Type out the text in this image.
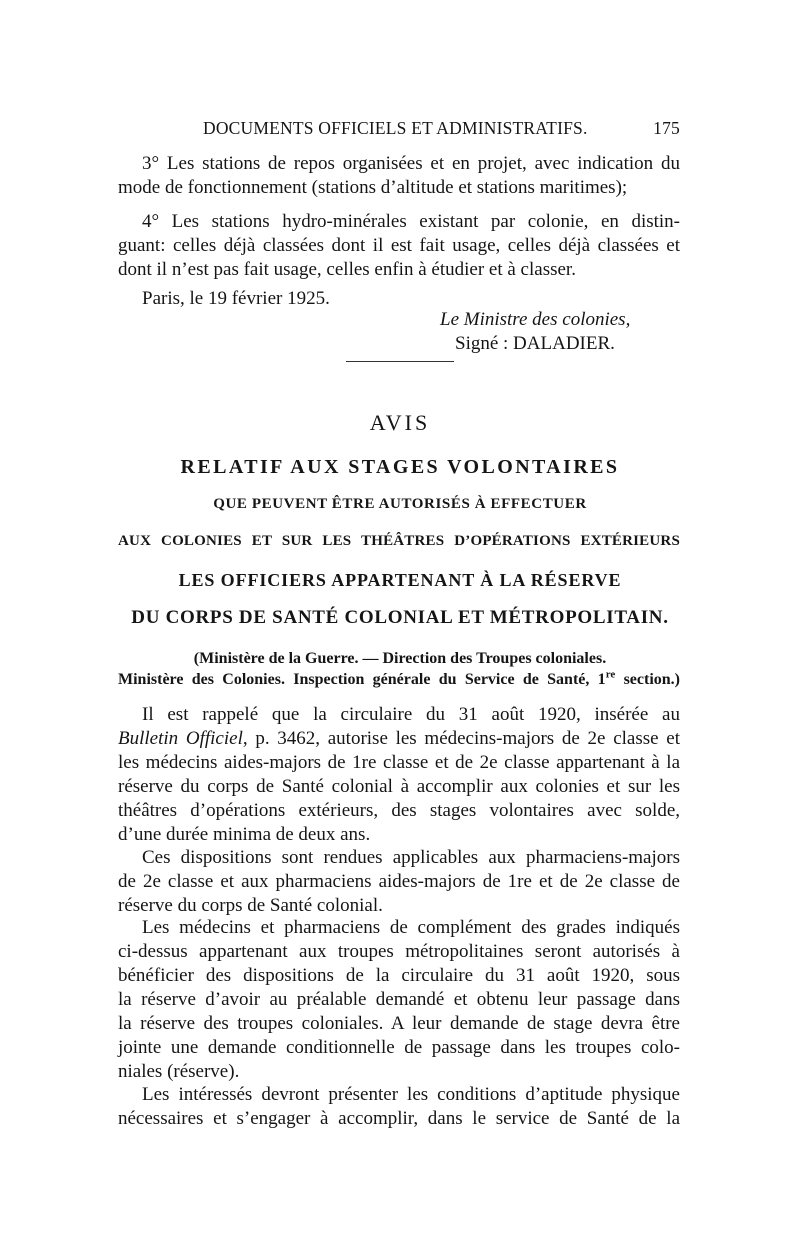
DOCUMENTS OFFICIELS ET ADMINISTRATIFS.	175
3° Les stations de repos organisées et en projet, avec indication du
mode de fonctionnement (stations d’altitude et stations maritimes);
4° Les stations hydro-minérales existant par colonie, en distin-
guant: celles déjà classées dont il est fait usage, celles déjà classées et
dont il n’est pas fait usage, celles enfin à étudier et à classer.
Paris, le 19 février 1925.
Le Ministre des colonies,
Signé : DALADIER.
AVIS
RELATIF AUX STAGES VOLONTAIRES
QUE PEUVENT ÊTRE AUTORISÉS À EFFECTUER
AUX COLONIES ET SUR LES THÉÂTRES D’OPÉRATIONS EXTÉRIEURS
LES OFFICIERS APPARTENANT À LA RÉSERVE
DU CORPS DE SANTÉ COLONIAL ET MÉTROPOLITAIN.
(Ministère de la Guerre. — Direction des Troupes coloniales.
Ministère des Colonies. Inspection générale du Service de Santé, 1re section.)
Il est rappelé que la circulaire du 31 août 1920, insérée au
Bulletin Officiel, p. 3462, autorise les médecins-majors de 2e classe et
les médecins aides-majors de 1re classe et de 2e classe appartenant à la
réserve du corps de Santé colonial à accomplir aux colonies et sur les
théâtres d’opérations extérieurs, des stages volontaires avec solde,
d’une durée minima de deux ans.
Ces dispositions sont rendues applicables aux pharmaciens-majors
de 2e classe et aux pharmaciens aides-majors de 1re et de 2e classe de
réserve du corps de Santé colonial.
Les médecins et pharmaciens de complément des grades indiqués
ci-dessus appartenant aux troupes métropolitaines seront autorisés à
bénéficier des dispositions de la circulaire du 31 août 1920, sous
la réserve d’avoir au préalable demandé et obtenu leur passage dans
la réserve des troupes coloniales. A leur demande de stage devra être
jointe une demande conditionnelle de passage dans les troupes colo-
niales (réserve).
Les intéressés devront présenter les conditions d’aptitude physique
nécessaires et s’engager à accomplir, dans le service de Santé de la
